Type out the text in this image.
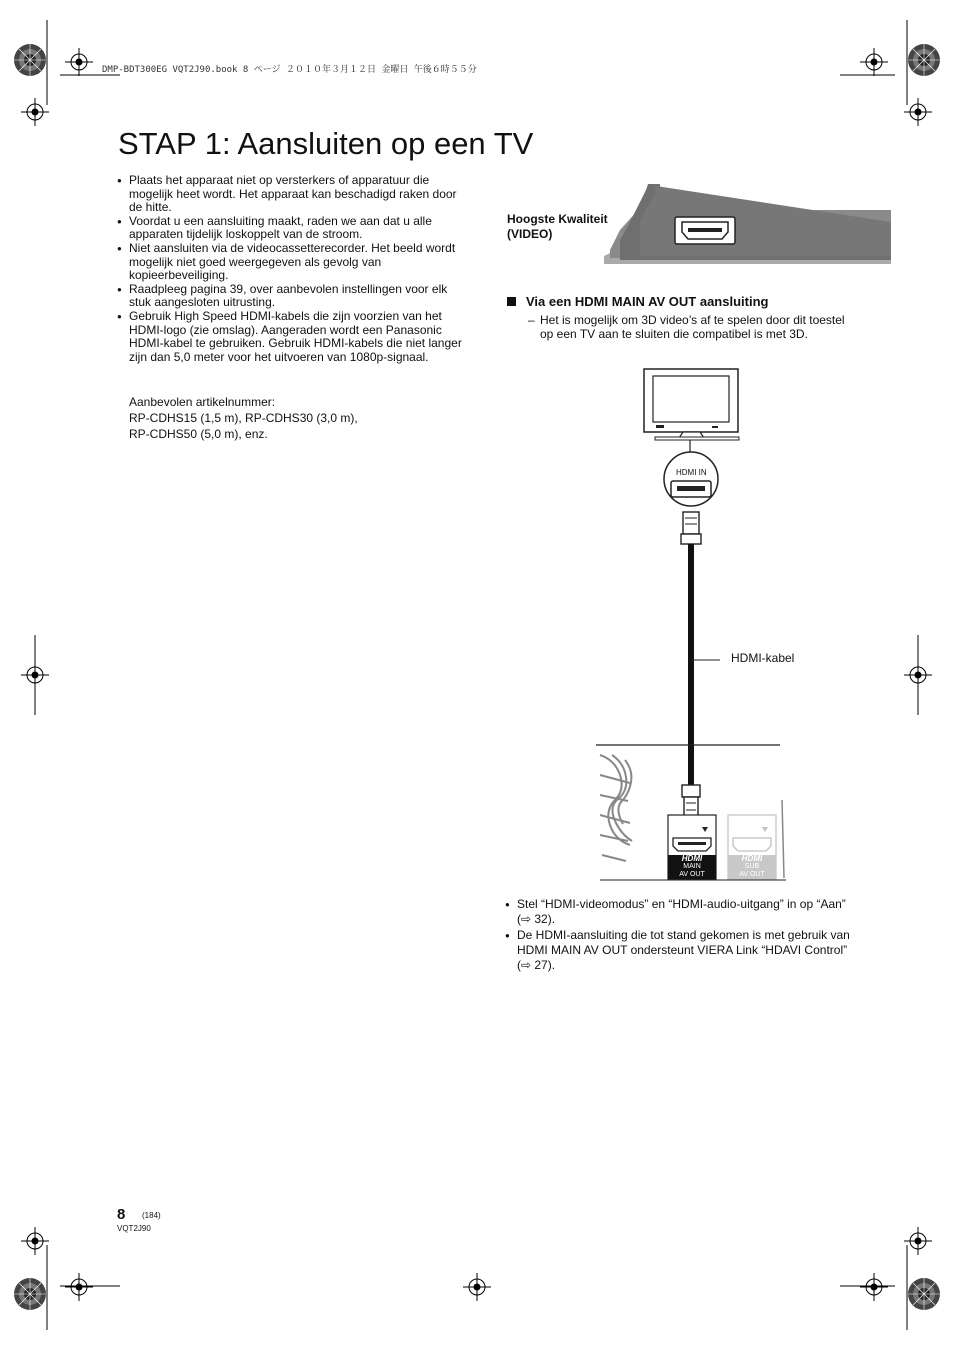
DMP-BDT300EG VQT2J90.book 8 ページ ２０１０年３月１２日 金曜日 午後６時５５分
STAP 1: Aansluiten op een TV
● Plaats het apparaat niet op versterkers of apparatuur die mogelijk heet wordt. Het apparaat kan beschadigd raken door de hitte.
● Voordat u een aansluiting maakt, raden we aan dat u alle apparaten tijdelijk loskoppelt van de stroom.
● Niet aansluiten via de videocassetterecorder. Het beeld wordt mogelijk niet goed weergegeven als gevolg van kopieerbeveiliging.
● Raadpleeg pagina 39, over aanbevolen instellingen voor elk stuk aangesloten uitrusting.
● Gebruik High Speed HDMI-kabels die zijn voorzien van het HDMI-logo (zie omslag). Aangeraden wordt een Panasonic HDMI-kabel te gebruiken. Gebruik HDMI-kabels die niet langer zijn dan 5,0 meter voor het uitvoeren van 1080p-signaal.
Aanbevolen artikelnummer:
RP-CDHS15 (1,5 m), RP-CDHS30 (3,0 m),
RP-CDHS50 (5,0 m), enz.
Hoogste Kwaliteit
(VIDEO)
Via een HDMI MAIN AV OUT aansluiting
– Het is mogelijk om 3D video’s af te spelen door dit toestel op een TV aan te sluiten die compatibel is met 3D.
HDMI IN
HDMI-kabel
HDMI
MAIN
AV OUT
HDMI
SUB
AV OUT
● Stel “HDMI-videomodus” en “HDMI-audio-uitgang” in op “Aan” (⇨ 32).
● De HDMI-aansluiting die tot stand gekomen is met gebruik van HDMI MAIN AV OUT ondersteunt VIERA Link “HDAVI Control” (⇨ 27).
8 (184)
VQT2J90
